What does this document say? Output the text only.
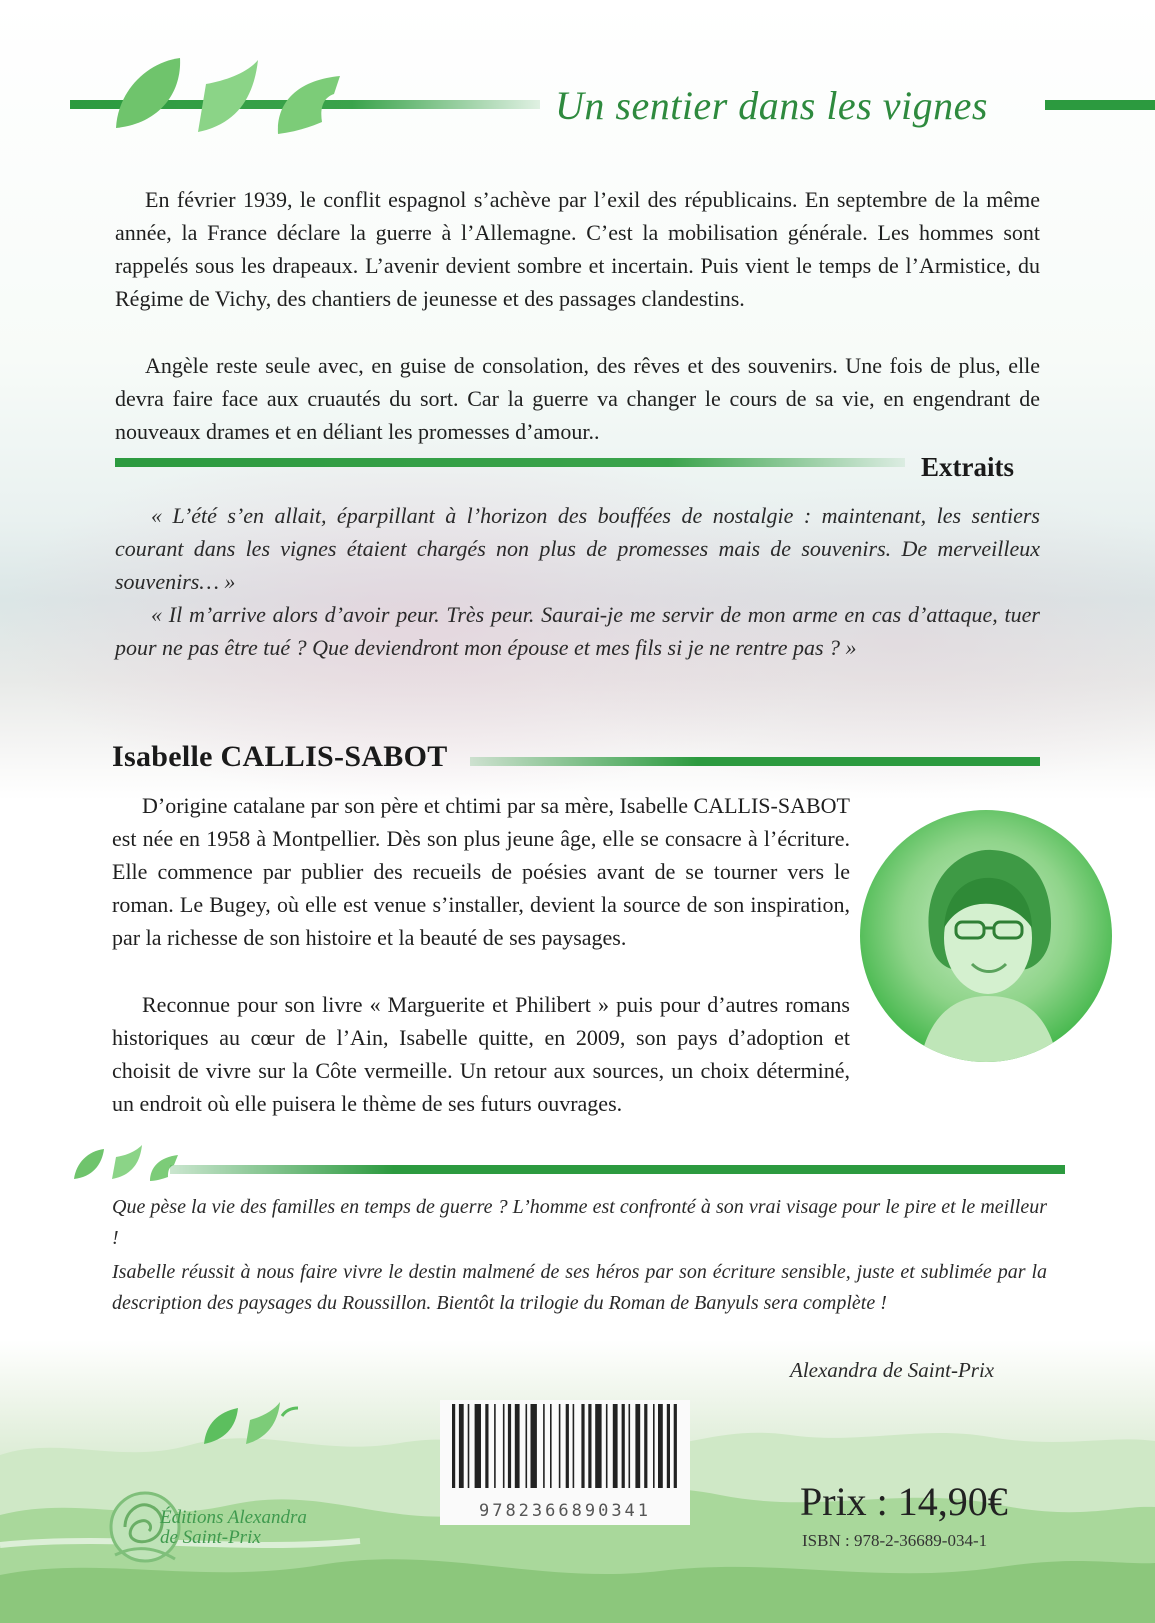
Un sentier dans les vignes

En février 1939, le conflit espagnol s’achève par l’exil des républicains. En septembre de la même année, la France déclare la guerre à l’Allemagne. C’est la mobilisation générale. Les hommes sont rappelés sous les drapeaux. L’avenir devient sombre et incertain. Puis vient le temps de l’Armistice, du Régime de Vichy, des chantiers de jeunesse et des passages clandestins.

Angèle reste seule avec, en guise de consolation, des rêves et des souvenirs. Une fois de plus, elle devra faire face aux cruautés du sort. Car la guerre va changer le cours de sa vie, en engendrant de nouveaux drames et en déliant les promesses d’amour..

Extraits

« L’été s’en allait, éparpillant à l’horizon des bouffées de nostalgie : maintenant, les sentiers courant dans les vignes étaient chargés non plus de promesses mais de souvenirs. De merveilleux souvenirs… »

« Il m’arrive alors d’avoir peur. Très peur. Saurai-je me servir de mon arme en cas d’attaque, tuer pour ne pas être tué ? Que deviendront mon épouse et mes fils si je ne rentre pas ? »

Isabelle CALLIS-SABOT

D’origine catalane par son père et chtimi par sa mère, Isabelle CALLIS-SABOT est née en 1958 à Montpellier. Dès son plus jeune âge, elle se consacre à l’écriture. Elle commence par publier des recueils de poésies avant de se tourner vers le roman. Le Bugey, où elle est venue s’installer, devient la source de son inspiration, par la richesse de son histoire et la beauté de ses paysages.

Reconnue pour son livre « Marguerite et Philibert » puis pour d’autres romans historiques au cœur de l’Ain, Isabelle quitte, en 2009, son pays d’adoption et choisit de vivre sur la Côte vermeille. Un retour aux sources, un choix déterminé, un endroit où elle puisera le thème de ses futurs ouvrages.

Que pèse la vie des familles en temps de guerre ? L’homme est confronté à son vrai visage pour le pire et le meilleur !

Isabelle réussit à nous faire vivre le destin malmené de ses héros par son écriture sensible, juste et sublimée par la description des paysages du Roussillon. Bientôt la trilogie du Roman de Banyuls sera complète !

Alexandra de Saint-Prix
Éditions Alexandra
de Saint-Prix
9782366890341	Prix : 14,90€
ISBN : 978-2-36689-034-1
